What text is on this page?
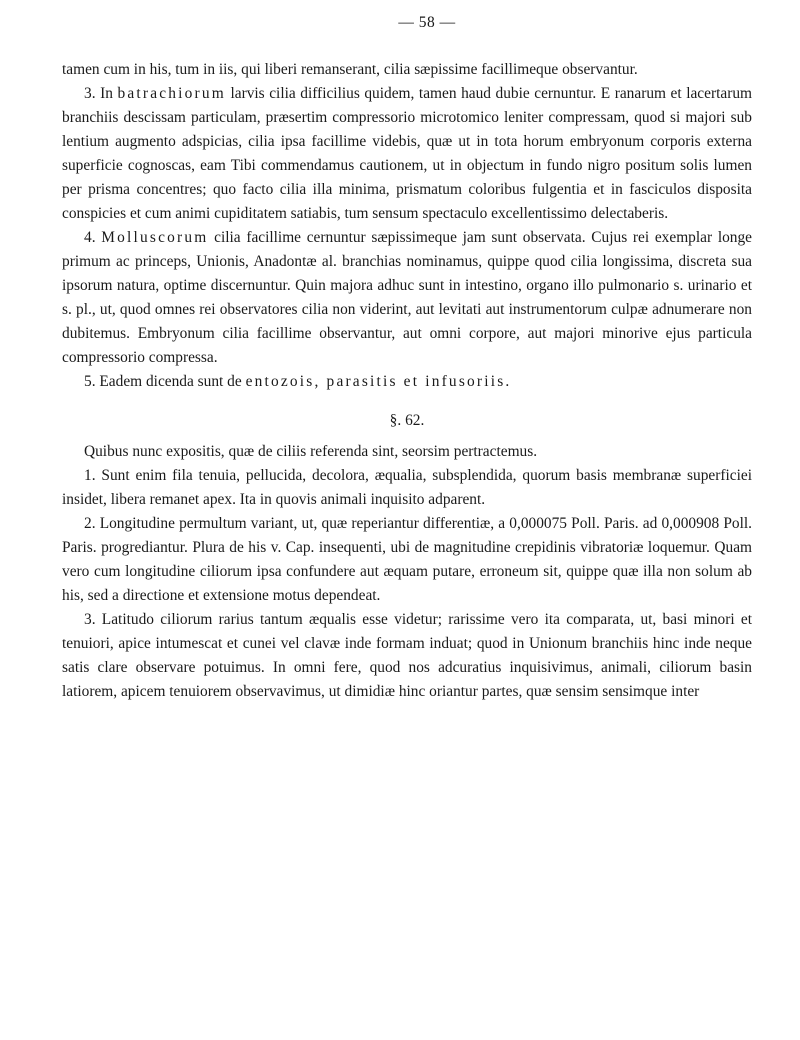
— 58 —

tamen cum in his, tum in iis, qui liberi remanserant, cilia sæpissime facillimeque observantur.

3. In batrachiorum larvis cilia difficilius quidem, tamen haud dubie cernuntur. E ranarum et lacertarum branchiis descissam particulam, præsertim compressorio microtomico leniter compressam, quod si majori sub lentium augmento adspicias, cilia ipsa facillime videbis, quæ ut in tota horum embryonum corporis externa superficie cognoscas, eam Tibi commendamus cautionem, ut in objectum in fundo nigro positum solis lumen per prisma concentres; quo facto cilia illa minima, prismatum coloribus fulgentia et in fasciculos disposita conspicies et cum animi cupiditatem satiabis, tum sensum spectaculo excellentissimo delectaberis.

4. Molluscorum cilia facillime cernuntur sæpissimeque jam sunt observata. Cujus rei exemplar longe primum ac princeps, Unionis, Anadontæ al. branchias nominamus, quippe quod cilia longissima, discreta sua ipsorum natura, optime discernuntur. Quin majora adhuc sunt in intestino, organo illo pulmonario s. urinario et s. pl., ut, quod omnes rei observatores cilia non viderint, aut levitati aut instrumentorum culpæ adnumerare non dubitemus. Embryonum cilia facillime observantur, aut omni corpore, aut majori minorive ejus particula compressorio compressa.

5. Eadem dicenda sunt de entozois, parasitis et infusoriis.

§. 62.

Quibus nunc expositis, quæ de ciliis referenda sint, seorsim pertractemus.

1. Sunt enim fila tenuia, pellucida, decolora, æqualia, subsplendida, quorum basis membranæ superficiei insidet, libera remanet apex. Ita in quovis animali inquisito adparent.

2. Longitudine permultum variant, ut, quæ reperiantur differentiæ, a 0,000075 Poll. Paris. ad 0,000908 Poll. Paris. progrediantur. Plura de his v. Cap. insequenti, ubi de magnitudine crepidinis vibratoriæ loquemur. Quam vero cum longitudine ciliorum ipsa confundere aut æquam putare, erroneum sit, quippe quæ illa non solum ab his, sed a directione et extensione motus dependeat.

3. Latitudo ciliorum rarius tantum æqualis esse videtur; rarissime vero ita comparata, ut, basi minori et tenuiori, apice intumescat et cunei vel clavæ inde formam induat; quod in Unionum branchiis hinc inde neque satis clare observare potuimus. In omni fere, quod nos adcuratius inquisivimus, animali, ciliorum basin latiorem, apicem tenuiorem observavimus, ut dimidiæ hinc oriantur partes, quæ sensim sensimque inter
